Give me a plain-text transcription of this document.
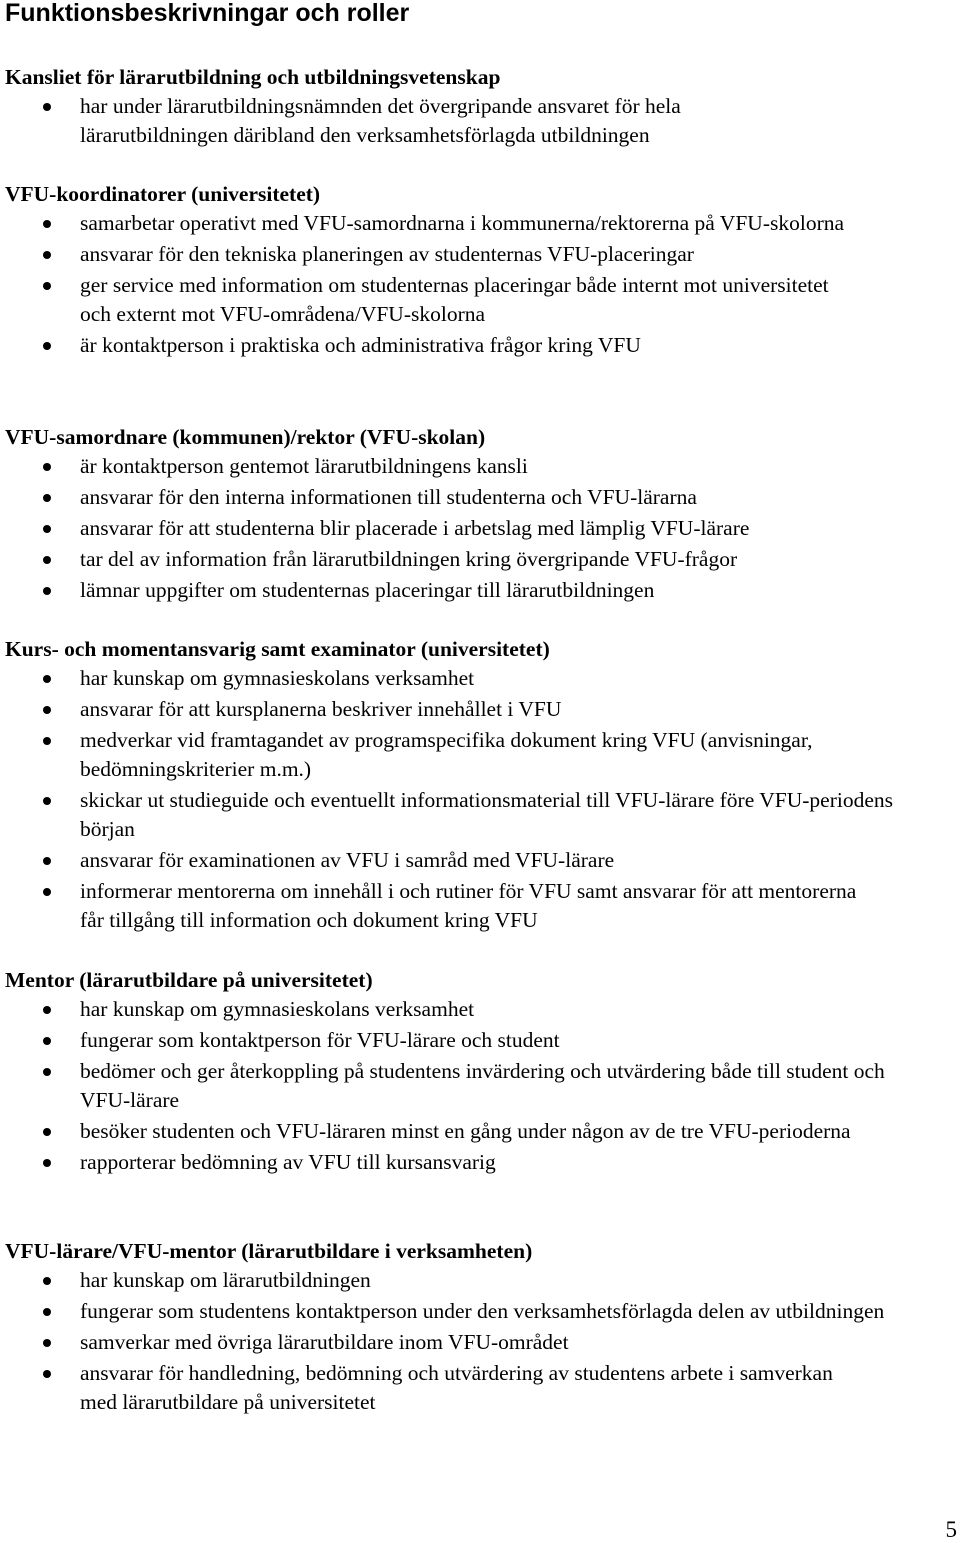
Funktionsbeskrivningar och roller
Kansliet för lärarutbildning och utbildningsvetenskap
har under lärarutbildningsnämnden det övergripande ansvaret för hela lärarutbildningen däribland den verksamhetsförlagda utbildningen
VFU-koordinatorer (universitetet)
samarbetar operativt med VFU-samordnarna i kommunerna/rektorerna på VFU-skolorna
ansvarar för den tekniska planeringen av studenternas VFU-placeringar
ger service med information om studenternas placeringar både internt mot universitetet och externt mot VFU-områdena/VFU-skolorna
är kontaktperson i praktiska och administrativa frågor kring VFU
VFU-samordnare (kommunen)/rektor (VFU-skolan)
är kontaktperson gentemot lärarutbildningens kansli
ansvarar för den interna informationen till studenterna och VFU-lärarna
ansvarar för att studenterna blir placerade i arbetslag med lämplig VFU-lärare
tar del av information från lärarutbildningen kring övergripande VFU-frågor
lämnar uppgifter om studenternas placeringar till lärarutbildningen
Kurs- och momentansvarig samt examinator (universitetet)
har kunskap om gymnasieskolans verksamhet
ansvarar för att kursplanerna beskriver innehållet i VFU
medverkar vid framtagandet av programspecifika dokument kring VFU (anvisningar, bedömningskriterier m.m.)
skickar ut studieguide och eventuellt informationsmaterial till VFU-lärare före VFU-periodens början
ansvarar för examinationen av VFU i samråd med VFU-lärare
informerar mentorerna om innehåll i och rutiner för VFU samt ansvarar för att mentorerna får tillgång till information och dokument kring VFU
Mentor (lärarutbildare på universitetet)
har kunskap om gymnasieskolans verksamhet
fungerar som kontaktperson för VFU-lärare och student
bedömer och ger återkoppling på studentens invärdering och utvärdering både till student och VFU-lärare
besöker studenten och VFU-läraren minst en gång under någon av de tre VFU-perioderna
rapporterar bedömning av VFU till kursansvarig
VFU-lärare/VFU-mentor (lärarutbildare i verksamheten)
har kunskap om lärarutbildningen
fungerar som studentens kontaktperson under den verksamhetsförlagda delen av utbildningen
samverkar med övriga lärarutbildare inom VFU-området
ansvarar för handledning, bedömning och utvärdering av studentens arbete i samverkan med lärarutbildare på universitetet
5
